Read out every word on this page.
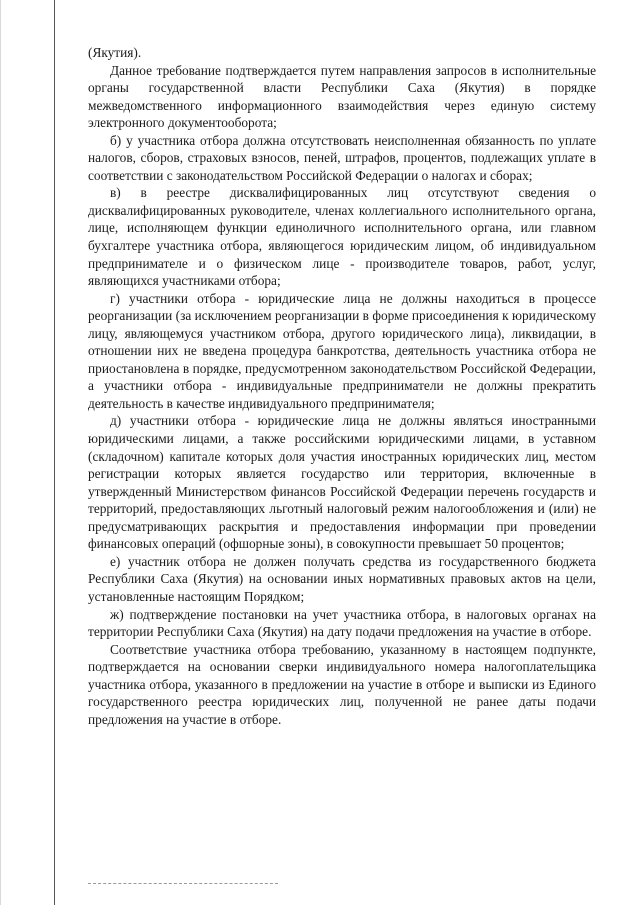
(Якутия).

Данное требование подтверждается путем направления запросов в исполнительные органы государственной власти Республики Саха (Якутия) в порядке межведомственного информационного взаимодействия через единую систему электронного документооборота;

б) у участника отбора должна отсутствовать неисполненная обязанность по уплате налогов, сборов, страховых взносов, пеней, штрафов, процентов, подлежащих уплате в соответствии с законодательством Российской Федерации о налогах и сборах;

в) в реестре дисквалифицированных лиц отсутствуют сведения о дисквалифицированных руководителе, членах коллегиального исполнительного органа, лице, исполняющем функции единоличного исполнительного органа, или главном бухгалтере участника отбора, являющегося юридическим лицом, об индивидуальном предпринимателе и о физическом лице - производителе товаров, работ, услуг, являющихся участниками отбора;

г) участники отбора - юридические лица не должны находиться в процессе реорганизации (за исключением реорганизации в форме присоединения к юридическому лицу, являющемуся участником отбора, другого юридического лица), ликвидации, в отношении них не введена процедура банкротства, деятельность участника отбора не приостановлена в порядке, предусмотренном законодательством Российской Федерации, а участники отбора - индивидуальные предприниматели не должны прекратить деятельность в качестве индивидуального предпринимателя;

д) участники отбора - юридические лица не должны являться иностранными юридическими лицами, а также российскими юридическими лицами, в уставном (складочном) капитале которых доля участия иностранных юридических лиц, местом регистрации которых является государство или территория, включенные в утвержденный Министерством финансов Российской Федерации перечень государств и территорий, предоставляющих льготный налоговый режим налогообложения и (или) не предусматривающих раскрытия и предоставления информации при проведении финансовых операций (офшорные зоны), в совокупности превышает 50 процентов;

е) участник отбора не должен получать средства из государственного бюджета Республики Саха (Якутия) на основании иных нормативных правовых актов на цели, установленные настоящим Порядком;

ж) подтверждение постановки на учет участника отбора, в налоговых органах на территории Республики Саха (Якутия) на дату подачи предложения на участие в отборе.

Соответствие участника отбора требованию, указанному в настоящем подпункте, подтверждается на основании сверки индивидуального номера налогоплательщика участника отбора, указанного в предложении на участие в отборе и выписки из Единого государственного реестра юридических лиц, полученной не ранее даты подачи предложения на участие в отборе.
